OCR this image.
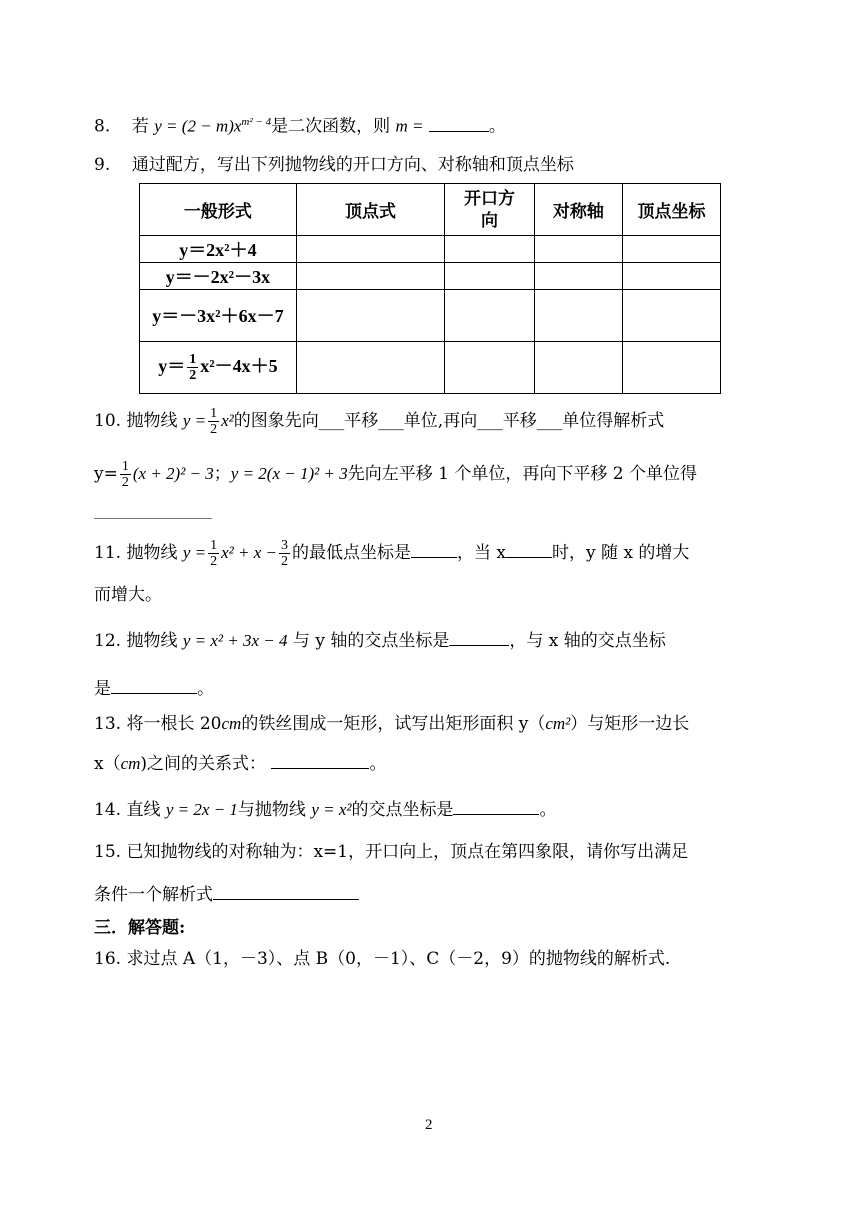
8. 若 $y = (2 - m)x^{m^2 - 4}$是二次函数，则 m =	。
9. 通过配方，写出下列抛物线的开口方向、对称轴和顶点坐标
一般形式	顶点式	开口方向	对称轴	顶点坐标
y＝2x²＋4				
y＝－2x²－3x				
y＝－3x²＋6x－7				
$y= \frac{1}{2} x^2-4x+5$				
10. 抛物线 $y = \frac{1}{2} x^2$的图象先向___平移___单位,再向___平移___单位得解析式
$y= \frac{1}{2} (x + 2)^2 - 3$；y = 2(x − 1)² + 3先向左平移 1 个单位，再向下平移 2 个单位得
11. 抛物线 $y = \frac{1}{2} x^2 + x - \frac{3}{2}$ 的最低点坐标是	，当 x	时，y 随 x 的增大
而增大。
12. 抛物线 y = x² + 3x − 4 与 y 轴的交点坐标是	，与 x 轴的交点坐标
是	。
13. 将一根长 20cm的铁丝围成一矩形，试写出矩形面积 y（cm²）与矩形一边长
x（cm)之间的关系式：	。
14. 直线 y = 2x − 1与抛物线 y = x²的交点坐标是	。
15. 已知抛物线的对称轴为：x=1，开口向上，顶点在第四象限，请你写出满足
条件一个解析式
三．解答题:
16. 求过点 A（1，－3）、点 B（0，－1）、C（－2，9）的抛物线的解析式.
2
